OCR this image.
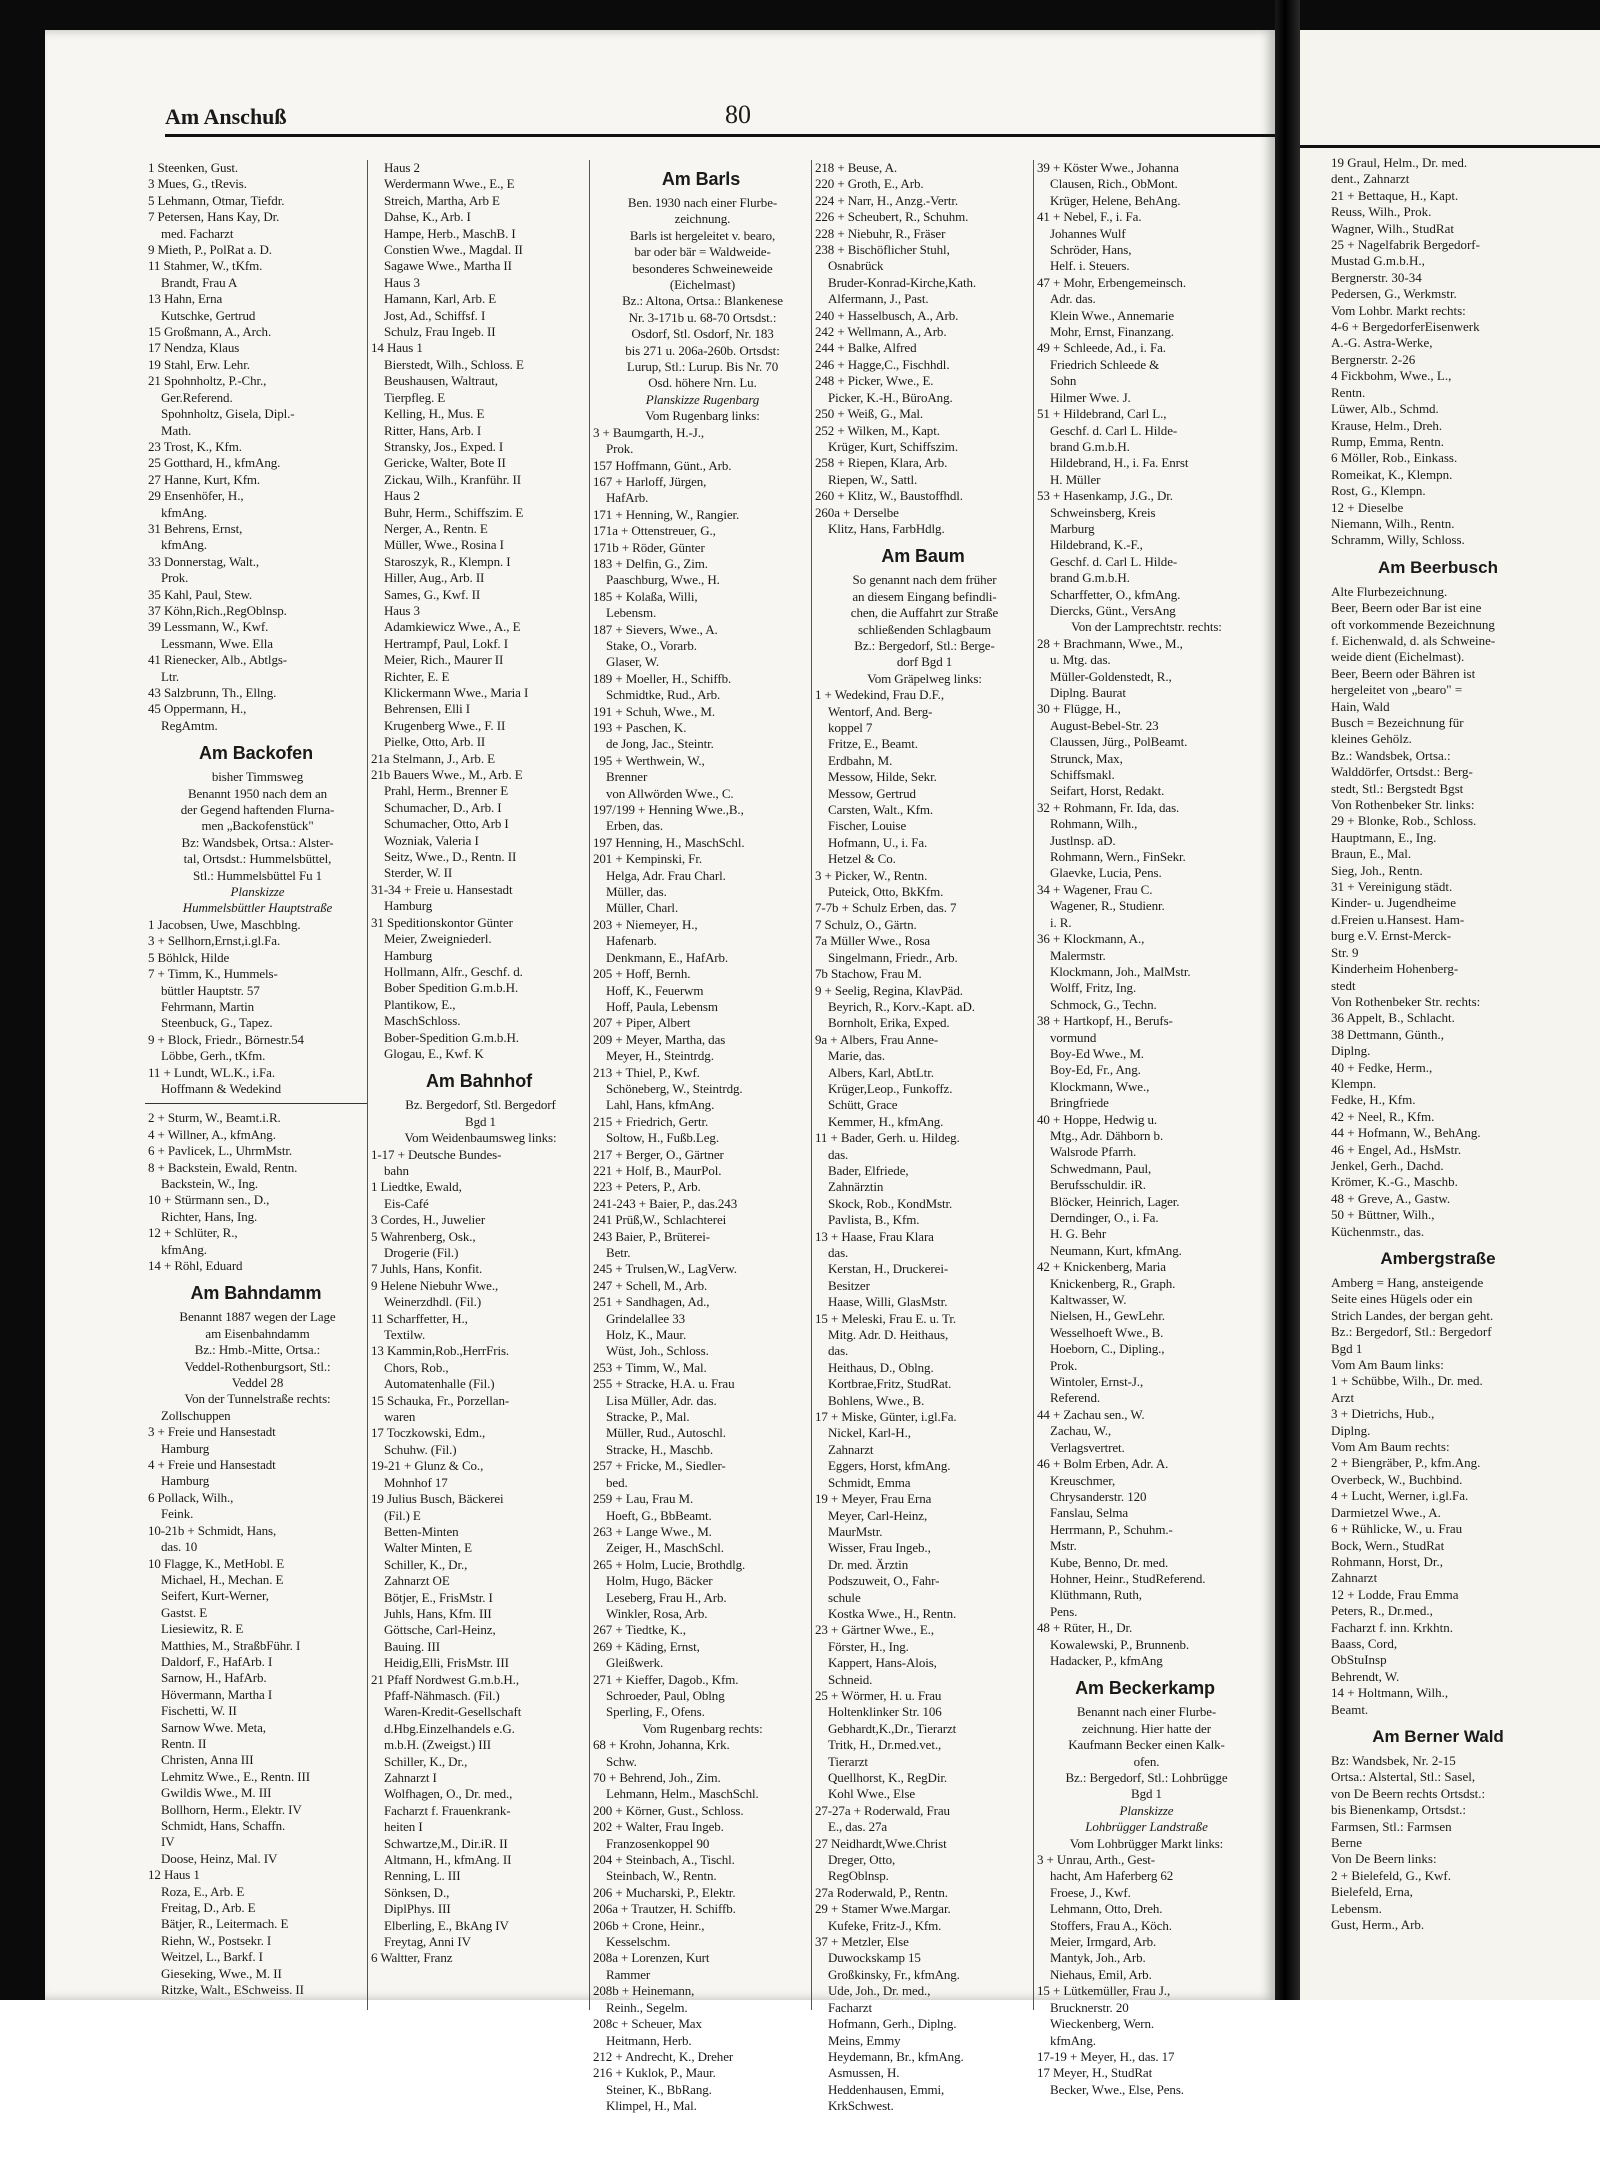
Am Anschuß	80
1 Steenken, Gust.
3 Mues, G., tRevis.
5 Lehmann, Otmar, Tiefdr.
7 Petersen, Hans Kay, Dr.
med. Facharzt
9 Mieth, P., PolRat a. D.
11 Stahmer, W., tKfm.
Brandt, Frau A
13 Hahn, Erna
Kutschke, Gertrud
15 Großmann, A., Arch.
17 Nendza, Klaus
19 Stahl, Erw. Lehr.
21 Spohnholtz, P.-Chr.,
Ger.Referend.
Spohnholtz, Gisela, Dipl.-
Math.
23 Trost, K., Kfm.
25 Gotthard, H., kfmAng.
27 Hanne, Kurt, Kfm.
29 Ensenhöfer, H.,
kfmAng.
31 Behrens, Ernst,
kfmAng.
33 Donnerstag, Walt.,
Prok.
35 Kahl, Paul, Stew.
37 Köhn,Rich.,RegOblnsp.
39 Lessmann, W., Kwf.
Lessmann, Wwe. Ella
41 Rienecker, Alb., Abtlgs-
Ltr.
43 Salzbrunn, Th., Ellng.
45 Oppermann, H.,
RegAmtm.
Am Backofen
bisher Timmsweg
Benannt 1950 nach dem an
der Gegend haftenden Flurna-
men „Backofenstück"
Bz: Wandsbek, Ortsa.: Alster-
tal, Ortsdst.: Hummelsbüttel,
Stl.: Hummelsbüttel Fu 1
Planskizze
Hummelsbüttler Hauptstraße
1 Jacobsen, Uwe, Maschblng.
3 + Sellhorn,Ernst,i.gl.Fa.
5 Böhlck, Hilde
7 + Timm, K., Hummels-
büttler Hauptstr. 57
Fehrmann, Martin
Steenbuck, G., Tapez.
9 + Block, Friedr., Börnestr.54
Löbbe, Gerh., tKfm.
11 + Lundt, WL.K., i.Fa.
Hoffmann & Wedekind
2 + Sturm, W., Beamt.i.R.
4 + Willner, A., kfmAng.
6 + Pavlicek, L., UhrmMstr.
8 + Backstein, Ewald, Rentn.
Backstein, W., Ing.
10 + Stürmann sen., D.,
Richter, Hans, Ing.
12 + Schlüter, R.,
kfmAng.
14 + Röhl, Eduard
Am Bahndamm
Benannt 1887 wegen der Lage
am Eisenbahndamm
Bz.: Hmb.-Mitte, Ortsa.:
Veddel-Rothenburgsort, Stl.:
Veddel 28
Von der Tunnelstraße rechts:
Zollschuppen
3 + Freie und Hansestadt
Hamburg
4 + Freie und Hansestadt
Hamburg
6 Pollack, Wilh.,
Feink.
10-21b + Schmidt, Hans,
das. 10
10 Flagge, K., MetHobl. E
Michael, H., Mechan. E
Seifert, Kurt-Werner,
Gastst. E
Liesiewitz, R. E
Matthies, M., StraßbFühr. I
Daldorf, F., HafArb. I
Sarnow, H., HafArb.
Hövermann, Martha I
Fischetti, W. II
Sarnow Wwe. Meta,
Rentn. II
Christen, Anna III
Lehmitz Wwe., E., Rentn. III
Gwildis Wwe., M. III
Bollhorn, Herm., Elektr. IV
Schmidt, Hans, Schaffn.
IV
Doose, Heinz, Mal. IV
12 Haus 1
Roza, E., Arb. E
Freitag, D., Arb. E
Bätjer, R., Leitermach. E
Riehn, W., Postsekr. I
Weitzel, L., Barkf. I
Gieseking, Wwe., M. II
Ritzke, Walt., ESchweiss. II
Haus 2
Werdermann Wwe., E., E
Streich, Martha, Arb E
Dahse, K., Arb. I
Hampe, Herb., MaschB. I
Constien Wwe., Magdal. II
Sagawe Wwe., Martha II
Haus 3
Hamann, Karl, Arb. E
Jost, Ad., Schiffsf. I
Schulz, Frau Ingeb. II
14 Haus 1
Bierstedt, Wilh., Schloss. E
Beushausen, Waltraut,
Tierpfleg. E
Kelling, H., Mus. E
Ritter, Hans, Arb. I
Stransky, Jos., Exped. I
Gericke, Walter, Bote II
Zickau, Wilh., Kranführ. II
Haus 2
Buhr, Herm., Schiffszim. E
Nerger, A., Rentn. E
Müller, Wwe., Rosina I
Staroszyk, R., Klempn. I
Hiller, Aug., Arb. II
Sames, G., Kwf. II
Haus 3
Adamkiewicz Wwe., A., E
Hertrampf, Paul, Lokf. I
Meier, Rich., Maurer II
Richter, E. E
Klickermann Wwe., Maria I
Behrensen, Elli I
Krugenberg Wwe., F. II
Pielke, Otto, Arb. II
21a Stelmann, J., Arb. E
21b Bauers Wwe., M., Arb. E
Prahl, Herm., Brenner E
Schumacher, D., Arb. I
Schumacher, Otto, Arb I
Wozniak, Valeria I
Seitz, Wwe., D., Rentn. II
Sterder, W. II
31-34 + Freie u. Hansestadt
Hamburg
31 Speditionskontor Günter
Meier, Zweigniederl.
Hamburg
Hollmann, Alfr., Geschf. d.
Bober Spedition G.m.b.H.
Plantikow, E.,
MaschSchloss.
Bober-Spedition G.m.b.H.
Glogau, E., Kwf. K
Am Bahnhof
Bz. Bergedorf, Stl. Bergedorf
Bgd 1
Vom Weidenbaumsweg links:
1-17 + Deutsche Bundes-
bahn
1 Liedtke, Ewald,
Eis-Café
3 Cordes, H., Juwelier
5 Wahrenberg, Osk.,
Drogerie (Fil.)
7 Juhls, Hans, Konfit.
9 Helene Niebuhr Wwe.,
Weinerzdhdl. (Fil.)
11 Scharffetter, H.,
Textilw.
13 Kammin,Rob.,HerrFris.
Chors, Rob.,
Automatenhalle (Fil.)
15 Schauka, Fr., Porzellan-
waren
17 Toczkowski, Edm.,
Schuhw. (Fil.)
19-21 + Glunz & Co.,
Mohnhof 17
19 Julius Busch, Bäckerei
(Fil.) E
Betten-Minten
Walter Minten, E
Schiller, K., Dr.,
Zahnarzt OE
Bötjer, E., FrisMstr. I
Juhls, Hans, Kfm. III
Göttsche, Carl-Heinz,
Bauing. III
Heidig,Elli, FrisMstr. III
21 Pfaff Nordwest G.m.b.H.,
Pfaff-Nähmasch. (Fil.)
Waren-Kredit-Gesellschaft
d.Hbg.Einzelhandels e.G.
m.b.H. (Zweigst.) III
Schiller, K., Dr.,
Zahnarzt I
Wolfhagen, O., Dr. med.,
Facharzt f. Frauenkrank-
heiten I
Schwartze,M., Dir.iR. II
Altmann, H., kfmAng. II
Renning, L. III
Sönksen, D.,
DiplPhys. III
Elberling, E., BkAng IV
Freytag, Anni IV
6 Waltter, Franz
Am Barls
Ben. 1930 nach einer Flurbe-
zeichnung.
Barls ist hergeleitet v. bearo,
bar oder bär = Waldweide-
besonderes Schweineweide
(Eichelmast)
Bz.: Altona, Ortsa.: Blankenese
Nr. 3-171b u. 68-70 Ortsdst.:
Osdorf, Stl. Osdorf, Nr. 183
bis 271 u. 206a-260b. Ortsdst:
Lurup, Stl.: Lurup. Bis Nr. 70
Osd. höhere Nrn. Lu.
Planskizze Rugenbarg
Vom Rugenbarg links:
3 + Baumgarth, H.-J.,
Prok.
157 Hoffmann, Günt., Arb.
167 + Harloff, Jürgen,
HafArb.
171 + Henning, W., Rangier.
171a + Ottenstreuer, G.,
171b + Röder, Günter
183 + Delfin, G., Zim.
Paaschburg, Wwe., H.
185 + Kolaßa, Willi,
Lebensm.
187 + Sievers, Wwe., A.
Stake, O., Vorarb.
Glaser, W.
189 + Moeller, H., Schiffb.
Schmidtke, Rud., Arb.
191 + Schuh, Wwe., M.
193 + Paschen, K.
de Jong, Jac., Steintr.
195 + Werthwein, W.,
Brenner
von Allwörden Wwe., C.
197/199 + Henning Wwe.,B.,
Erben, das.
197 Henning, H., MaschSchl.
201 + Kempinski, Fr.
Helga, Adr. Frau Charl.
Müller, das.
Müller, Charl.
203 + Niemeyer, H.,
Hafenarb.
Denkmann, E., HafArb.
205 + Hoff, Bernh.
Hoff, K., Feuerwm
Hoff, Paula, Lebensm
207 + Piper, Albert
209 + Meyer, Martha, das
Meyer, H., Steintrdg.
213 + Thiel, P., Kwf.
Schöneberg, W., Steintrdg.
Lahl, Hans, kfmAng.
215 + Friedrich, Gertr.
Soltow, H., Fußb.Leg.
217 + Berger, O., Gärtner
221 + Holf, B., MaurPol.
223 + Peters, P., Arb.
241-243 + Baier, P., das.243
241 Prüß,W., Schlachterei
243 Baier, P., Brüterei-
Betr.
245 + Trulsen,W., LagVerw.
247 + Schell, M., Arb.
251 + Sandhagen, Ad.,
Grindelallee 33
Holz, K., Maur.
Wüst, Joh., Schloss.
253 + Timm, W., Mal.
255 + Stracke, H.A. u. Frau
Lisa Müller, Adr. das.
Stracke, P., Mal.
Müller, Rud., Autoschl.
Stracke, H., Maschb.
257 + Fricke, M., Siedler-
bed.
259 + Lau, Frau M.
Hoeft, G., BbBeamt.
263 + Lange Wwe., M.
Zeiger, H., MaschSchl.
265 + Holm, Lucie, Brothdlg.
Holm, Hugo, Bäcker
Leseberg, Frau H., Arb.
Winkler, Rosa, Arb.
267 + Tiedtke, K.,
269 + Käding, Ernst,
Gleißwerk.
271 + Kieffer, Dagob., Kfm.
Schroeder, Paul, Oblng
Sperling, F., Ofens.
Vom Rugenbarg rechts:
68 + Krohn, Johanna, Krk.
Schw.
70 + Behrend, Joh., Zim.
Lehmann, Helm., MaschSchl.
200 + Körner, Gust., Schloss.
202 + Walter, Frau Ingeb.
Franzosenkoppel 90
204 + Steinbach, A., Tischl.
Steinbach, W., Rentn.
206 + Mucharski, P., Elektr.
206a + Trautzer, H. Schiffb.
206b + Crone, Heinr.,
Kesselschm.
208a + Lorenzen, Kurt
Rammer
208b + Heinemann,
Reinh., Segelm.
208c + Scheuer, Max
Heitmann, Herb.
212 + Andrecht, K., Dreher
216 + Kuklok, P., Maur.
Steiner, K., BbRang.
Klimpel, H., Mal.
218 + Beuse, A.
220 + Groth, E., Arb.
224 + Narr, H., Anzg.-Vertr.
226 + Scheubert, R., Schuhm.
228 + Niebuhr, R., Fräser
238 + Bischöflicher Stuhl,
Osnabrück
Bruder-Konrad-Kirche,Kath.
Alfermann, J., Past.
240 + Hasselbusch, A., Arb.
242 + Wellmann, A., Arb.
244 + Balke, Alfred
246 + Hagge,C., Fischhdl.
248 + Picker, Wwe., E.
Picker, K.-H., BüroAng.
250 + Weiß, G., Mal.
252 + Wilken, M., Kapt.
Krüger, Kurt, Schiffszim.
258 + Riepen, Klara, Arb.
Riepen, W., Sattl.
260 + Klitz, W., Baustoffhdl.
260a + Derselbe
Klitz, Hans, FarbHdlg.
Am Baum
So genannt nach dem früher
an diesem Eingang befindli-
chen, die Auffahrt zur Straße
schließenden Schlagbaum
Bz.: Bergedorf, Stl.: Berge-
dorf Bgd 1
Vom Gräpelweg links:
1 + Wedekind, Frau D.F.,
Wentorf, And. Berg-
koppel 7
Fritze, E., Beamt.
Erdbahn, M.
Messow, Hilde, Sekr.
Messow, Gertrud
Carsten, Walt., Kfm.
Fischer, Louise
Hofmann, U., i. Fa.
Hetzel & Co.
3 + Picker, W., Rentn.
Puteick, Otto, BkKfm.
7-7b + Schulz Erben, das. 7
7 Schulz, O., Gärtn.
7a Müller Wwe., Rosa
Singelmann, Friedr., Arb.
7b Stachow, Frau M.
9 + Seelig, Regina, KlavPäd.
Beyrich, R., Korv.-Kapt. aD.
Bornholt, Erika, Exped.
9a + Albers, Frau Anne-
Marie, das.
Albers, Karl, AbtLtr.
Krüger,Leop., Funkoffz.
Schütt, Grace
Kemmer, H., kfmAng.
11 + Bader, Gerh. u. Hildeg.
das.
Bader, Elfriede,
Zahnärztin
Skock, Rob., KondMstr.
Pavlista, B., Kfm.
13 + Haase, Frau Klara
das.
Kerstan, H., Druckerei-
Besitzer
Haase, Willi, GlasMstr.
15 + Meleski, Frau E. u. Tr.
Mitg. Adr. D. Heithaus,
das.
Heithaus, D., Oblng.
Kortbrae,Fritz, StudRat.
Bohlens, Wwe., B.
17 + Miske, Günter, i.gl.Fa.
Nickel, Karl-H.,
Zahnarzt
Eggers, Horst, kfmAng.
Schmidt, Emma
19 + Meyer, Frau Erna
Meyer, Carl-Heinz,
MaurMstr.
Wisser, Frau Ingeb.,
Dr. med. Ärztin
Podszuweit, O., Fahr-
schule
Kostka Wwe., H., Rentn.
23 + Gärtner Wwe., E.,
Förster, H., Ing.
Kappert, Hans-Alois,
Schneid.
25 + Wörmer, H. u. Frau
Holtenklinker Str. 106
Gebhardt,K.,Dr., Tierarzt
Tritk, H., Dr.med.vet.,
Tierarzt
Quellhorst, K., RegDir.
Kohl Wwe., Else
27-27a + Roderwald, Frau
E., das. 27a
27 Neidhardt,Wwe.Christ
Dreger, Otto,
RegOblnsp.
27a Roderwald, P., Rentn.
29 + Stamer Wwe.Margar.
Kufeke, Fritz-J., Kfm.
37 + Metzler, Else
Duwockskamp 15
Großkinsky, Fr., kfmAng.
Ude, Joh., Dr. med.,
Facharzt
Hofmann, Gerh., Diplng.
Meins, Emmy
Heydemann, Br., kfmAng.
Asmussen, H.
Heddenhausen, Emmi,
KrkSchwest.
39 + Köster Wwe., Johanna
Clausen, Rich., ObMont.
Krüger, Helene, BehAng.
41 + Nebel, F., i. Fa.
Johannes Wulf
Schröder, Hans,
Helf. i. Steuers.
47 + Mohr, Erbengemeinsch.
Adr. das.
Klein Wwe., Annemarie
Mohr, Ernst, Finanzang.
49 + Schleede, Ad., i. Fa.
Friedrich Schleede &
Sohn
Hilmer Wwe. J.
51 + Hildebrand, Carl L.,
Geschf. d. Carl L. Hilde-
brand G.m.b.H.
Hildebrand, H., i. Fa. Enrst
H. Müller
53 + Hasenkamp, J.G., Dr.
Schweinsberg, Kreis
Marburg
Hildebrand, K.-F.,
Geschf. d. Carl L. Hilde-
brand G.m.b.H.
Scharffetter, O., kfmAng.
Diercks, Günt., VersAng
Von der Lamprechtstr. rechts:
28 + Brachmann, Wwe., M.,
u. Mtg. das.
Müller-Goldenstedt, R.,
Diplng. Baurat
30 + Flügge, H.,
August-Bebel-Str. 23
Claussen, Jürg., PolBeamt.
Strunck, Max,
Schiffsmakl.
Seifart, Horst, Redakt.
32 + Rohmann, Fr. Ida, das.
Rohmann, Wilh.,
Justlnsp. aD.
Rohmann, Wern., FinSekr.
Glaevke, Lucia, Pens.
34 + Wagener, Frau C.
Wagener, R., Studienr.
i. R.
36 + Klockmann, A.,
Malermstr.
Klockmann, Joh., MalMstr.
Wolff, Fritz, Ing.
Schmock, G., Techn.
38 + Hartkopf, H., Berufs-
vormund
Boy-Ed Wwe., M.
Boy-Ed, Fr., Ang.
Klockmann, Wwe.,
Bringfriede
40 + Hoppe, Hedwig u.
Mtg., Adr. Dähborn b.
Walsrode Pfarrh.
Schwedmann, Paul,
Berufsschuldir. iR.
Blöcker, Heinrich, Lager.
Derndinger, O., i. Fa.
H. G. Behr
Neumann, Kurt, kfmAng.
42 + Knickenberg, Maria
Knickenberg, R., Graph.
Kaltwasser, W.
Nielsen, H., GewLehr.
Wesselhoeft Wwe., B.
Hoeborn, C., Dipling.,
Prok.
Wintoler, Ernst-J.,
Referend.
44 + Zachau sen., W.
Zachau, W.,
Verlagsvertret.
46 + Bolm Erben, Adr. A.
Kreuschmer,
Chrysanderstr. 120
Fanslau, Selma
Herrmann, P., Schuhm.-
Mstr.
Kube, Benno, Dr. med.
Hohner, Heinr., StudReferend.
Klüthmann, Ruth,
Pens.
48 + Rüter, H., Dr.
Kowalewski, P., Brunnenb.
Hadacker, P., kfmAng
Am Beckerkamp
Benannt nach einer Flurbe-
zeichnung. Hier hatte der
Kaufmann Becker einen Kalk-
ofen.
Bz.: Bergedorf, Stl.: Lohbrügge
Bgd 1
Planskizze
Lohbrügger Landstraße
Vom Lohbrügger Markt links:
3 + Unrau, Arth., Gest-
hacht, Am Haferberg 62
Froese, J., Kwf.
Lehmann, Otto, Dreh.
Stoffers, Frau A., Köch.
Meier, Irmgard, Arb.
Mantyk, Joh., Arb.
Niehaus, Emil, Arb.
15 + Lütkemüller, Frau J.,
Brucknerstr. 20
Wieckenberg, Wern.
kfmAng.
17-19 + Meyer, H., das. 17
17 Meyer, H., StudRat
Becker, Wwe., Else, Pens.
19 Graul, Helm., Dr. med.
dent., Zahnarzt
21 + Bettaque, H., Kapt.
Reuss, Wilh., Prok.
Wagner, Wilh., StudRat
25 + Nagelfabrik Bergedorf-
Mustad G.m.b.H.,
Bergnerstr. 30-34
Pedersen, G., Werkmstr.
Vom Lohbr. Markt rechts:
4-6 + BergedorferEisenwerk
A.-G. Astra-Werke,
Bergnerstr. 2-26
4 Fickbohm, Wwe., L.,
Rentn.
Lüwer, Alb., Schmd.
Krause, Helm., Dreh.
Rump, Emma, Rentn.
6 Möller, Rob., Einkass.
Romeikat, K., Klempn.
Rost, G., Klempn.
12 + Dieselbe
Niemann, Wilh., Rentn.
Schramm, Willy, Schloss.
Am Beerbusch
Alte Flurbezeichnung.
Beer, Beern oder Bar ist eine
oft vorkommende Bezeichnung
f. Eichenwald, d. als Schweine-
weide dient (Eichelmast).
Beer, Beern oder Bähren ist
hergeleitet von „bearo" =
Hain, Wald
Busch = Bezeichnung für
kleines Gehölz.
Bz.: Wandsbek, Ortsa.:
Walddörfer, Ortsdst.: Berg-
stedt, Stl.: Bergstedt Bgst
Von Rothenbeker Str. links:
29 + Blonke, Rob., Schloss.
Hauptmann, E., Ing.
Braun, E., Mal.
Sieg, Joh., Rentn.
31 + Vereinigung städt.
Kinder- u. Jugendheime
d.Freien u.Hansest. Ham-
burg e.V. Ernst-Merck-
Str. 9
Kinderheim Hohenberg-
stedt
Von Rothenbeker Str. rechts:
36 Appelt, B., Schlacht.
38 Dettmann, Günth.,
Diplng.
40 + Fedke, Herm.,
Klempn.
Fedke, H., Kfm.
42 + Neel, R., Kfm.
44 + Hofmann, W., BehAng.
46 + Engel, Ad., HsMstr.
Jenkel, Gerh., Dachd.
Krömer, K.-G., Maschb.
48 + Greve, A., Gastw.
50 + Büttner, Wilh.,
Küchenmstr., das.
Ambergstraße
Amberg = Hang, ansteigende
Seite eines Hügels oder ein
Strich Landes, der bergan geht.
Bz.: Bergedorf, Stl.: Bergedorf
Bgd 1
Vom Am Baum links:
1 + Schübbe, Wilh., Dr. med.
Arzt
3 + Dietrichs, Hub.,
Diplng.
Vom Am Baum rechts:
2 + Biengräber, P., kfm.Ang.
Overbeck, W., Buchbind.
4 + Lucht, Werner, i.gl.Fa.
Darmietzel Wwe., A.
6 + Rühlicke, W., u. Frau
Bock, Wern., StudRat
Rohmann, Horst, Dr.,
Zahnarzt
12 + Lodde, Frau Emma
Peters, R., Dr.med.,
Facharzt f. inn. Krkhtn.
Baass, Cord,
ObStuInsp
Behrendt, W.
14 + Holtmann, Wilh.,
Beamt.
Am Berner Wald
Bz: Wandsbek, Nr. 2-15
Ortsa.: Alstertal, Stl.: Sasel,
von De Beern rechts Ortsdst.:
bis Bienenkamp, Ortsdst.:
Farmsen, Stl.: Farmsen
Berne
Von De Beern links:
2 + Bielefeld, G., Kwf.
Bielefeld, Erna,
Lebensm.
Gust, Herm., Arb.
